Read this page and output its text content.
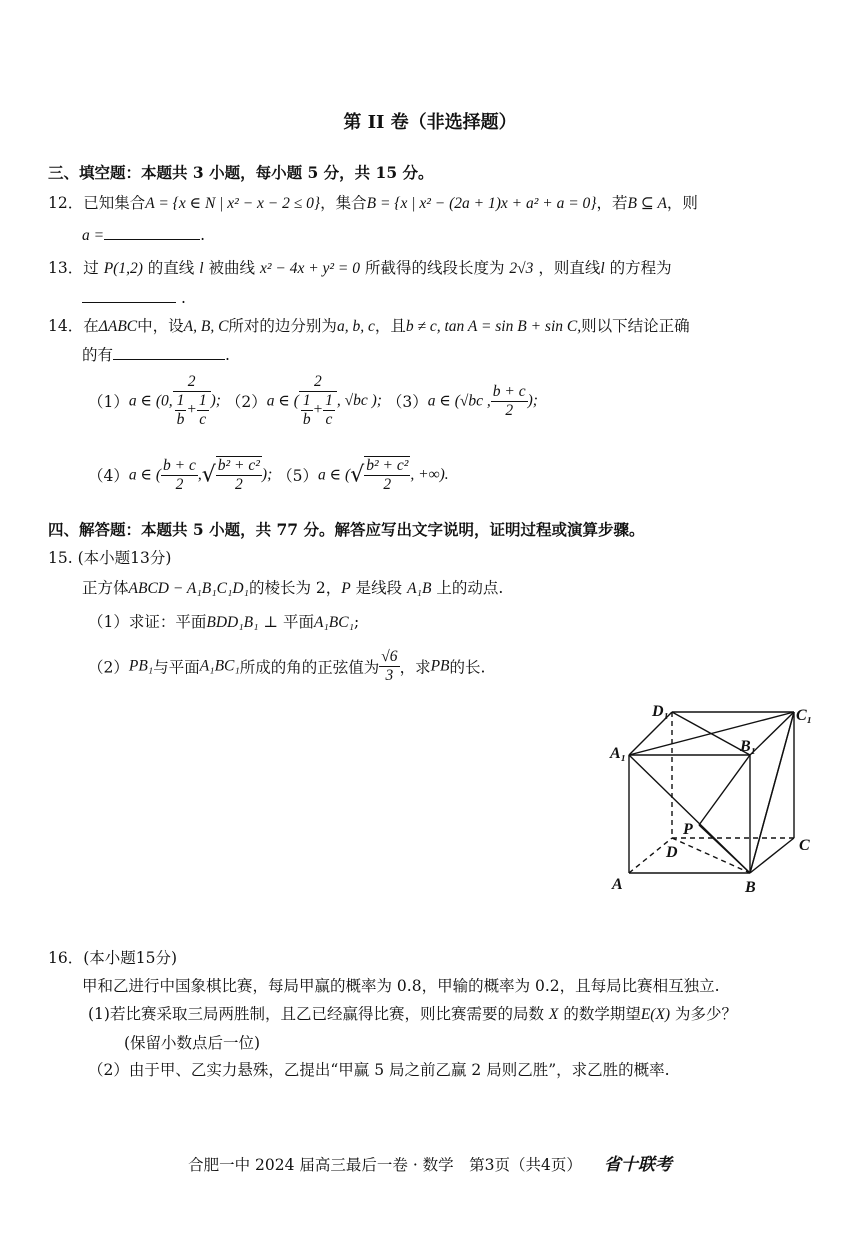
第 II 卷（非选择题）
三、填空题：本题共 3 小题，每小题 5 分，共 15 分。
12．已知集合A = {x ∈ N | x² − x − 2 ≤ 0}，集合B = {x | x² − (2a + 1)x + a² + a = 0}，若B ⊆ A，则
a =	.
13．过 P(1,2) 的直线 l 被曲线 x² − 4x + y² = 0 所截得的线段长度为 2√3 ，则直线l 的方程为
.
14．在ΔABC中，设A, B, C所对的边分别为a, b, c，且b ≠ c, tan A = sin B + sin C,则以下结论正确
的有	.
（1）a ∈ (0, $\frac{2}{\frac{1}{b} + \frac{1}{c}}$ ); （2）a ∈ ( $\frac{2}{\frac{1}{b} + \frac{1}{c}}$ , √bc ); （3）a ∈ (√bc , $\frac{b + c}{2}$ );
（4）a ∈ ( $\frac{b + c}{2}$ ,√ $\frac{\text{b² + c²}}{2}$ ); （5）a ∈ (√ $\frac{\text{b² + c²}}{2}$ , +∞).
四、解答题：本题共 5 小题，共 77 分。解答应写出文字说明，证明过程或演算步骤。
15. (本小题13分)
正方体ABCD − A₁B₁C₁D₁的棱长为 2，P 是线段 A₁B 上的动点.
（1）求证：平面BDD₁B₁ ⊥ 平面A₁BC₁;
（2）PB₁与平面A₁BC₁所成的角的正弦值为 $\frac{√6}{3}$ ，求PB的长.
D₁	C₁
A₁	B₁
P
D	C
A	B
16．(本小题15分)
甲和乙进行中国象棋比赛，每局甲赢的概率为 0.8，甲输的概率为 0.2，且每局比赛相互独立.
(1)若比赛采取三局两胜制，且乙已经赢得比赛，则比赛需要的局数 X 的数学期望E(X) 为多少？
(保留小数点后一位)
（2）由于甲、乙实力悬殊，乙提出“甲赢 5 局之前乙赢 2 局则乙胜”，求乙胜的概率.
合肥一中 2024 届高三最后一卷 · 数学　第3页（共4页） 省十联考
